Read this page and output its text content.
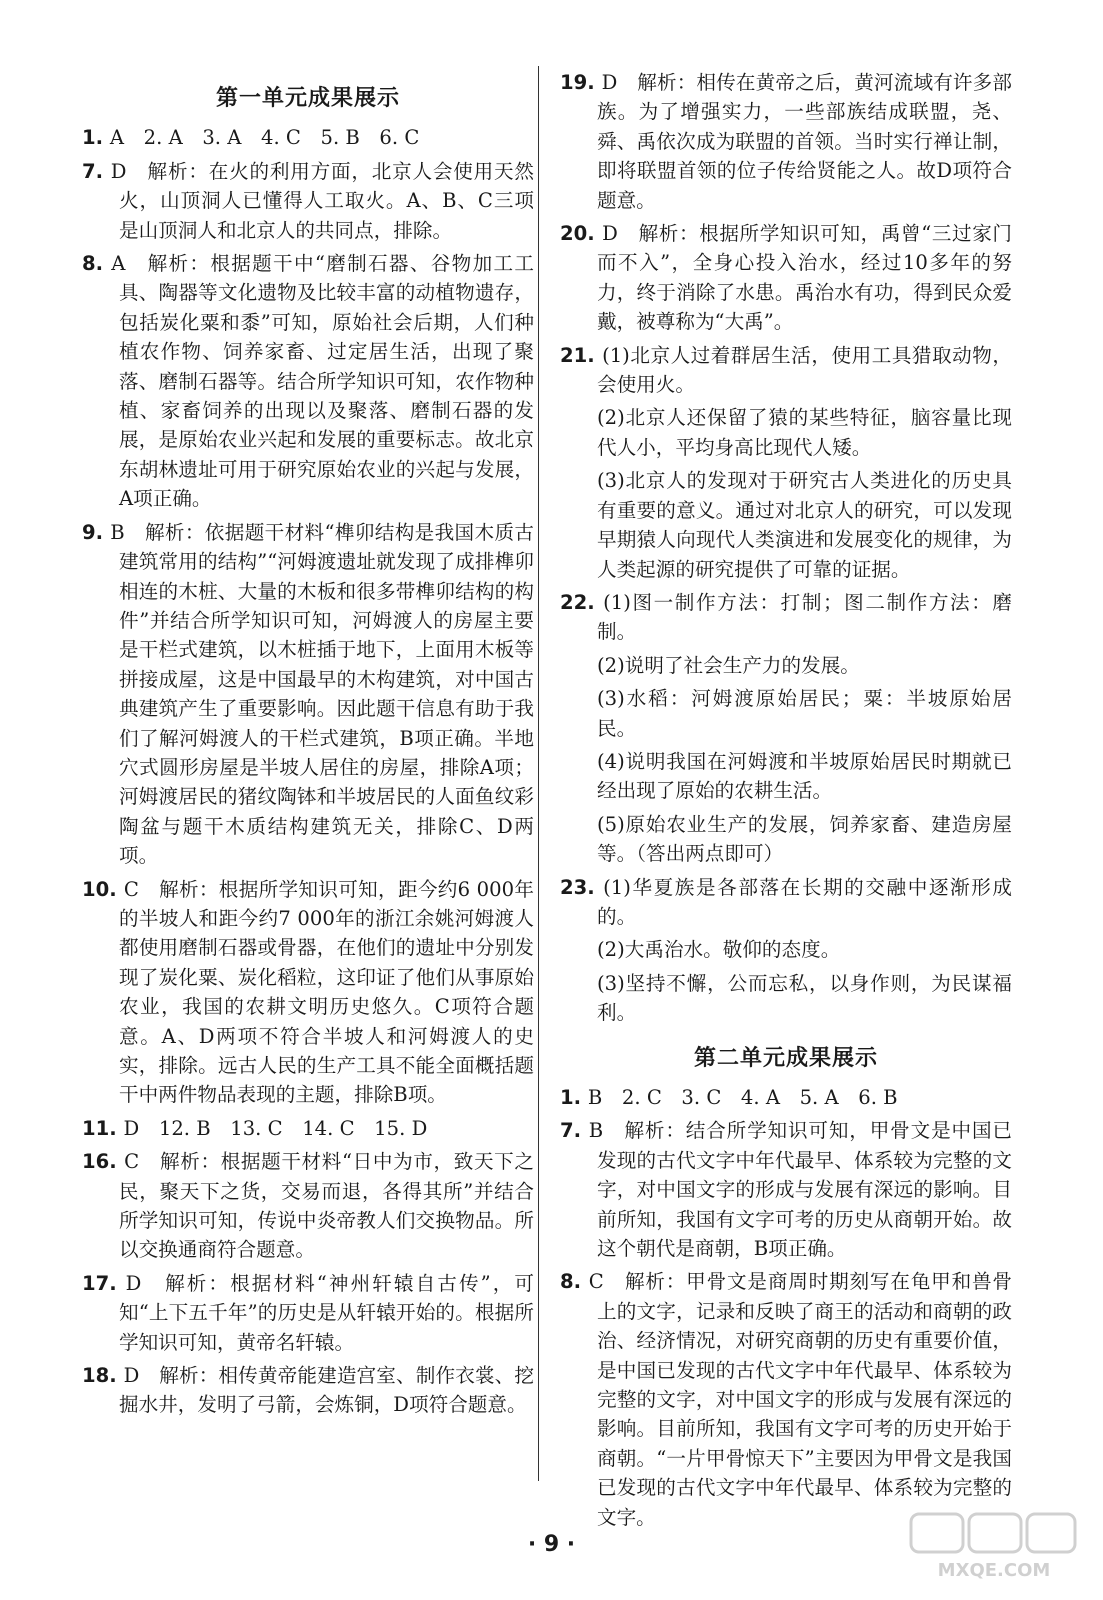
第一单元成果展示
1. A　2. A　3. A　4. C　5. B　6. C
7. D　解析：在火的利用方面，北京人会使用天然火，山顶洞人已懂得人工取火。A、B、C三项是山顶洞人和北京人的共同点，排除。
8. A　解析：根据题干中“磨制石器、谷物加工工具、陶器等文化遗物及比较丰富的动植物遗存，包括炭化粟和黍”可知，原始社会后期，人们种植农作物、饲养家畜、过定居生活，出现了聚落、磨制石器等。结合所学知识可知，农作物种植、家畜饲养的出现以及聚落、磨制石器的发展，是原始农业兴起和发展的重要标志。故北京东胡林遗址可用于研究原始农业的兴起与发展，A项正确。
9. B　解析：依据题干材料“榫卯结构是我国木质古建筑常用的结构”“河姆渡遗址就发现了成排榫卯相连的木桩、大量的木板和很多带榫卯结构的构件”并结合所学知识可知，河姆渡人的房屋主要是干栏式建筑，以木桩插于地下，上面用木板等拼接成屋，这是中国最早的木构建筑，对中国古典建筑产生了重要影响。因此题干信息有助于我们了解河姆渡人的干栏式建筑，B项正确。半地穴式圆形房屋是半坡人居住的房屋，排除A项；河姆渡居民的猪纹陶钵和半坡居民的人面鱼纹彩陶盆与题干木质结构建筑无关，排除C、D两项。
10. C　解析：根据所学知识可知，距今约6 000年的半坡人和距今约7 000年的浙江余姚河姆渡人都使用磨制石器或骨器，在他们的遗址中分别发现了炭化粟、炭化稻粒，这印证了他们从事原始农业，我国的农耕文明历史悠久。C项符合题意。A、D两项不符合半坡人和河姆渡人的史实，排除。远古人民的生产工具不能全面概括题干中两件物品表现的主题，排除B项。
11. D　12. B　13. C　14. C　15. D
16. C　解析：根据题干材料“日中为市，致天下之民，聚天下之货，交易而退，各得其所”并结合所学知识可知，传说中炎帝教人们交换物品。所以交换通商符合题意。
17. D　解析：根据材料“神州轩辕自古传”，可知“上下五千年”的历史是从轩辕开始的。根据所学知识可知，黄帝名轩辕。
18. D　解析：相传黄帝能建造宫室、制作衣裳、挖掘水井，发明了弓箭，会炼铜，D项符合题意。
19. D　解析：相传在黄帝之后，黄河流域有许多部族。为了增强实力，一些部族结成联盟，尧、舜、禹依次成为联盟的首领。当时实行禅让制，即将联盟首领的位子传给贤能之人。故D项符合题意。
20. D　解析：根据所学知识可知，禹曾“三过家门而不入”，全身心投入治水，经过10多年的努力，终于消除了水患。禹治水有功，得到民众爱戴，被尊称为“大禹”。
21. (1)北京人过着群居生活，使用工具猎取动物，会使用火。
(2)北京人还保留了猿的某些特征，脑容量比现代人小，平均身高比现代人矮。
(3)北京人的发现对于研究古人类进化的历史具有重要的意义。通过对北京人的研究，可以发现早期猿人向现代人类演进和发展变化的规律，为人类起源的研究提供了可靠的证据。
22. (1)图一制作方法：打制；图二制作方法：磨制。
(2)说明了社会生产力的发展。
(3)水稻：河姆渡原始居民；粟：半坡原始居民。
(4)说明我国在河姆渡和半坡原始居民时期就已经出现了原始的农耕生活。
(5)原始农业生产的发展，饲养家畜、建造房屋等。（答出两点即可）
23. (1)华夏族是各部落在长期的交融中逐渐形成的。
(2)大禹治水。敬仰的态度。
(3)坚持不懈，公而忘私，以身作则，为民谋福利。
第二单元成果展示
1. B　2. C　3. C　4. A　5. A　6. B
7. B　解析：结合所学知识可知，甲骨文是中国已发现的古代文字中年代最早、体系较为完整的文字，对中国文字的形成与发展有深远的影响。目前所知，我国有文字可考的历史从商朝开始。故这个朝代是商朝，B项正确。
8. C　解析：甲骨文是商周时期刻写在龟甲和兽骨上的文字，记录和反映了商王的活动和商朝的政治、经济情况，对研究商朝的历史有重要价值，是中国已发现的古代文字中年代最早、体系较为完整的文字，对中国文字的形成与发展有深远的影响。目前所知，我国有文字可考的历史开始于商朝。“一片甲骨惊天下”主要因为甲骨文是我国已发现的古代文字中年代最早、体系较为完整的文字。
· 9 ·
MXQE.COM
